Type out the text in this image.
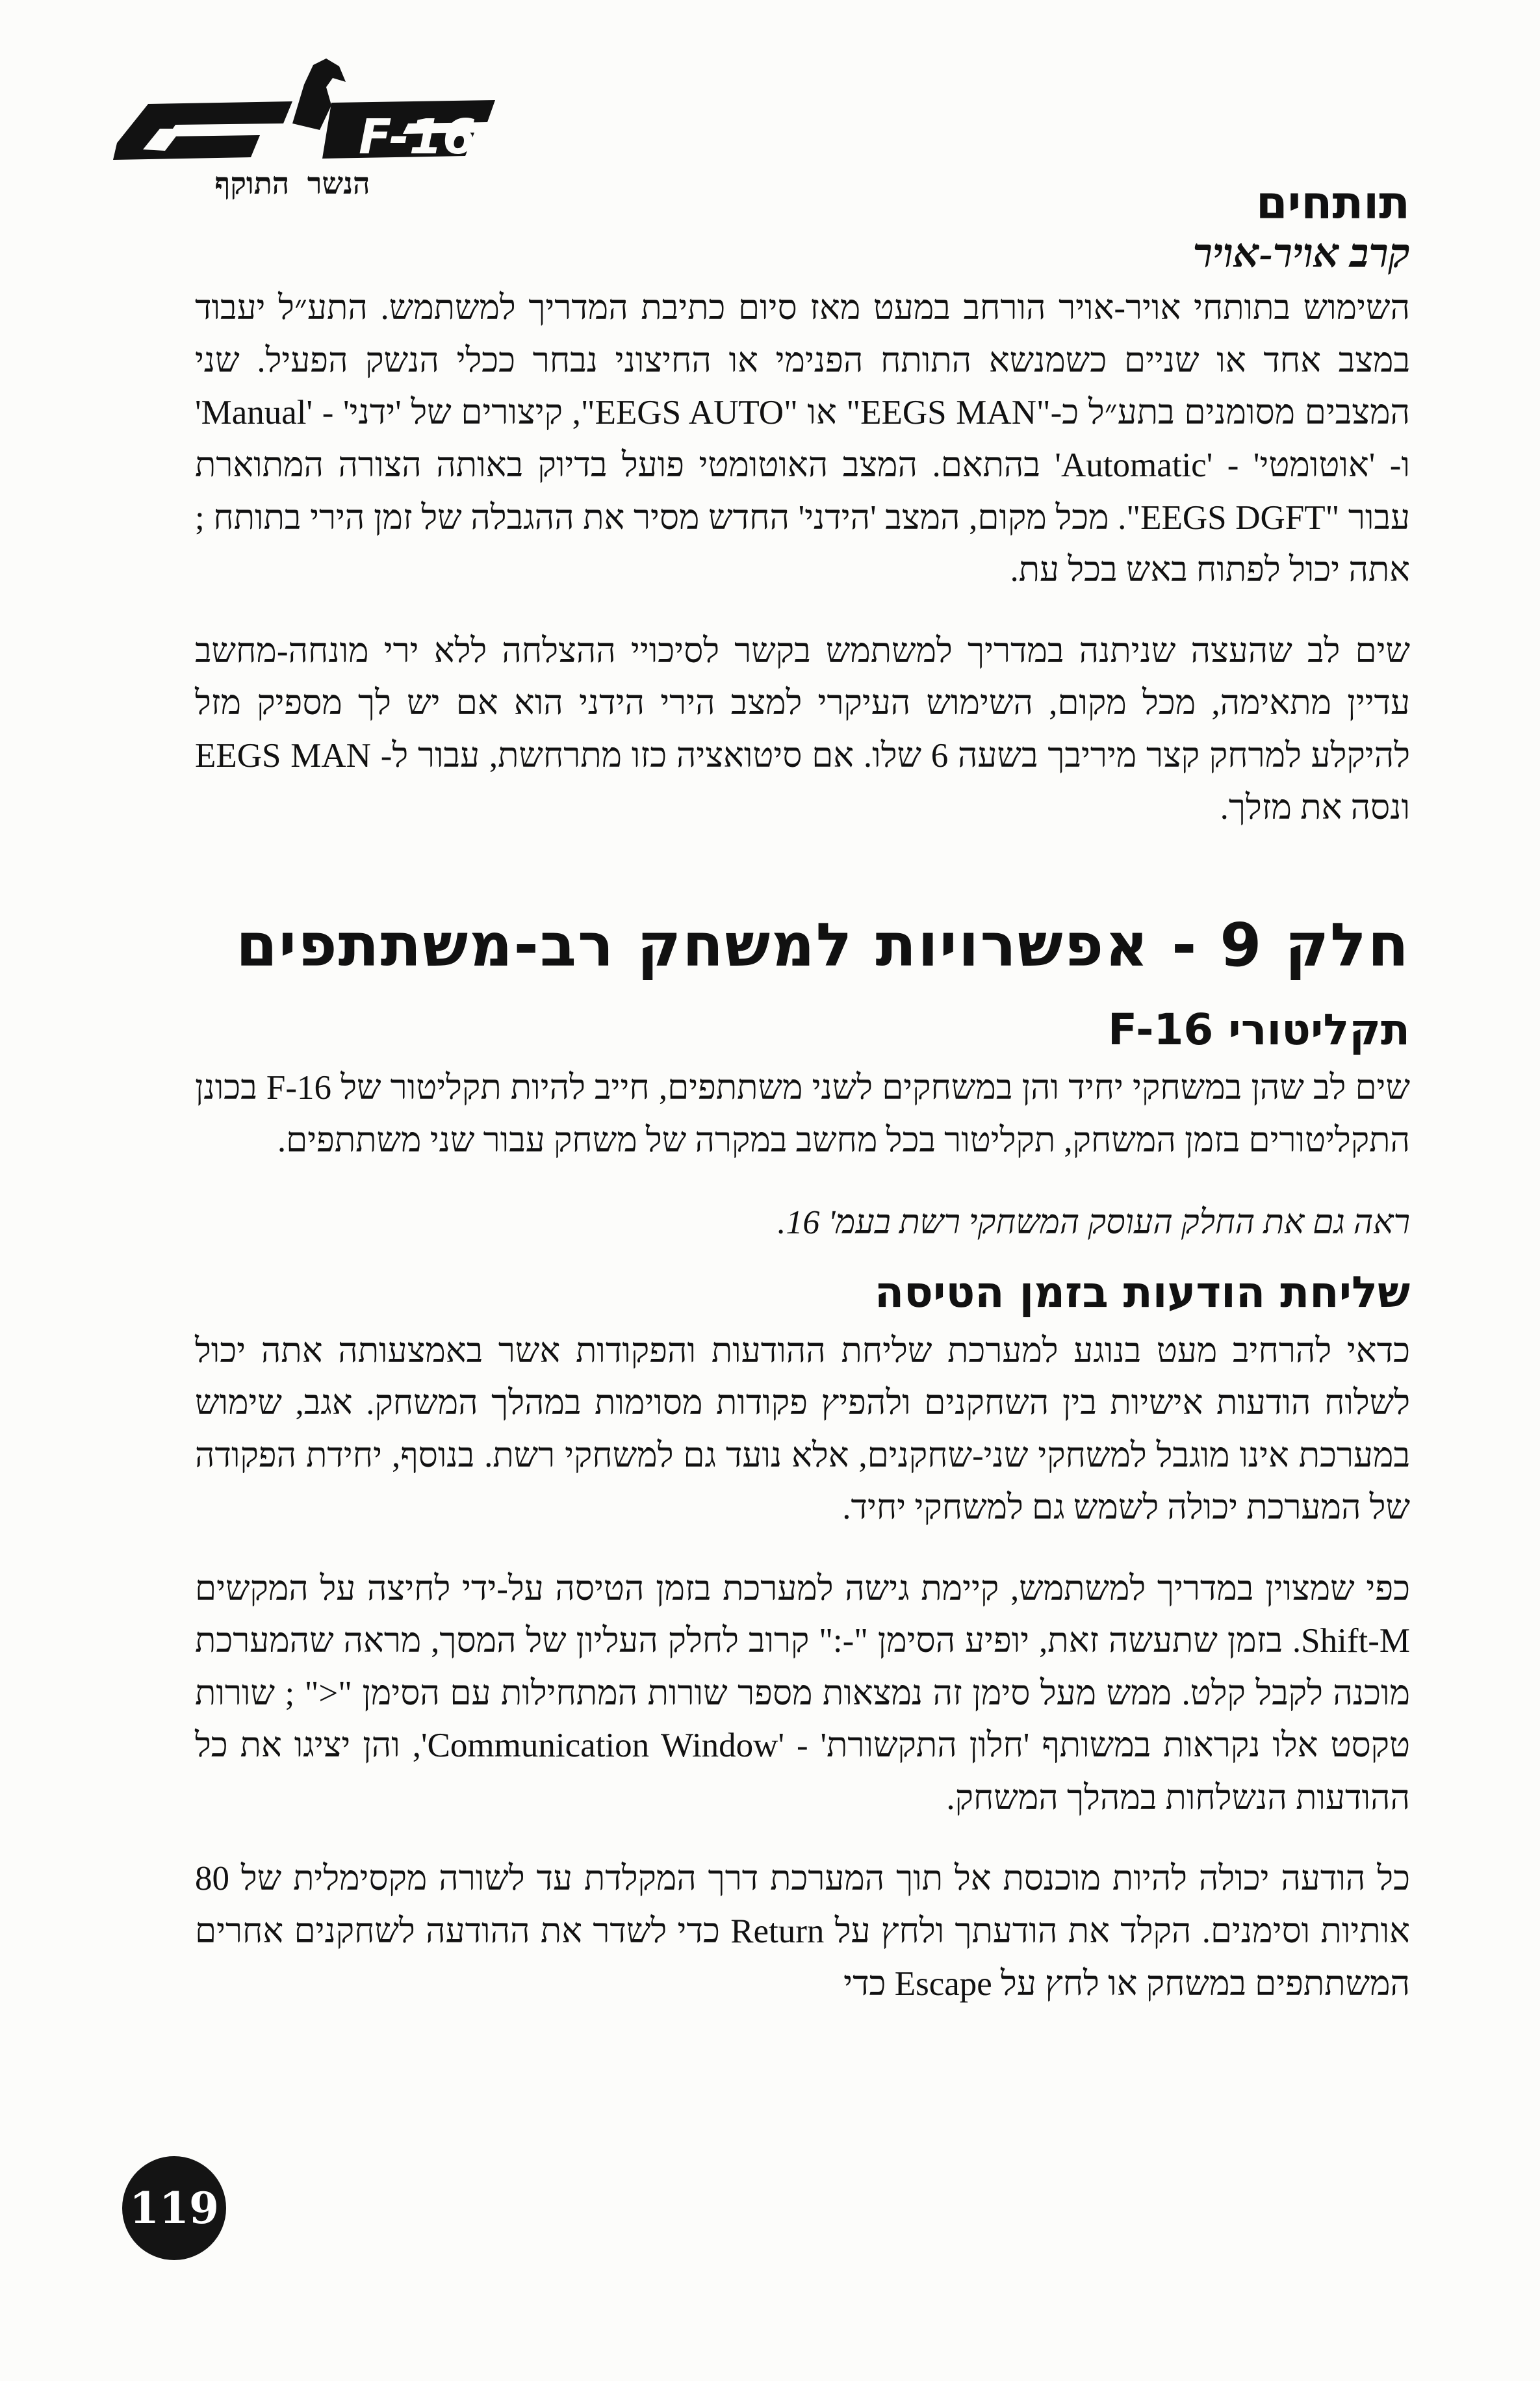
F-16
הנשר התוקף	תותחים
קרב אויר-אויר

השימוש בתותחי אויר-אויר הורחב במעט מאז סיום כתיבת המדריך למשתמש. התע״ל יעבוד במצב אחד או שניים כשמנשא התותח הפנימי או החיצוני נבחר ככלי הנשק הפעיל. שני המצבים מסומנים בתע״ל כ-"EEGS MAN" או "EEGS AUTO", קיצורים של 'ידני' - 'Manual' ו- 'אוטומטי' - 'Automatic' בהתאם. המצב האוטומטי פועל בדיוק באותה הצורה המתוארת עבור "EEGS DGFT". מכל מקום, המצב 'הידני' החדש מסיר את ההגבלה של זמן הירי בתותח ; אתה יכול לפתוח באש בכל עת.

שים לב שהעצה שניתנה במדריך למשתמש בקשר לסיכויי ההצלחה ללא ירי מונחה-מחשב עדיין מתאימה, מכל מקום, השימוש העיקרי למצב הירי הידני הוא אם יש לך מספיק מזל להיקלע למרחק קצר מיריבך בשעה 6 שלו. אם סיטואציה כזו מתרחשת, עבור ל- EEGS MAN ונסה את מזלך.

חלק 9 - אפשרויות למשחק רב-משתתפים
תקליטורי F-16

שים לב שהן במשחקי יחיד והן במשחקים לשני משתתפים, חייב להיות תקליטור של F-16 בכונן התקליטורים בזמן המשחק, תקליטור בכל מחשב במקרה של משחק עבור שני משתתפים.

ראה גם את החלק העוסק המשחקי רשת בעמ' 16.

שליחת הודעות בזמן הטיסה

כדאי להרחיב מעט בנוגע למערכת שליחת ההודעות והפקודות אשר באמצעותה אתה יכול לשלוח הודעות אישיות בין השחקנים ולהפיץ פקודות מסוימות במהלך המשחק. אגב, שימוש במערכת אינו מוגבל למשחקי שני-שחקנים, אלא נועד גם למשחקי רשת. בנוסף, יחידת הפקודה של המערכת יכולה לשמש גם למשחקי יחיד.

כפי שמצוין במדריך למשתמש, קיימת גישה למערכת בזמן הטיסה על-ידי לחיצה על המקשים Shift-M. בזמן שתעשה זאת, יופיע הסימן "-:" קרוב לחלק העליון של המסך, מראה שהמערכת מוכנה לקבל קלט. ממש מעל סימן זה נמצאות מספר שורות המתחילות עם הסימן "<" ; שורות טקסט אלו נקראות במשותף 'חלון התקשורת' - 'Communication Window', והן יציגו את כל ההודעות הנשלחות במהלך המשחק.

כל הודעה יכולה להיות מוכנסת אל תוך המערכת דרך המקלדת עד לשורה מקסימלית של 80 אותיות וסימנים. הקלד את הודעתך ולחץ על Return כדי לשדר את ההודעה לשחקנים אחרים המשתתפים במשחק או לחץ על Escape כדי

119
